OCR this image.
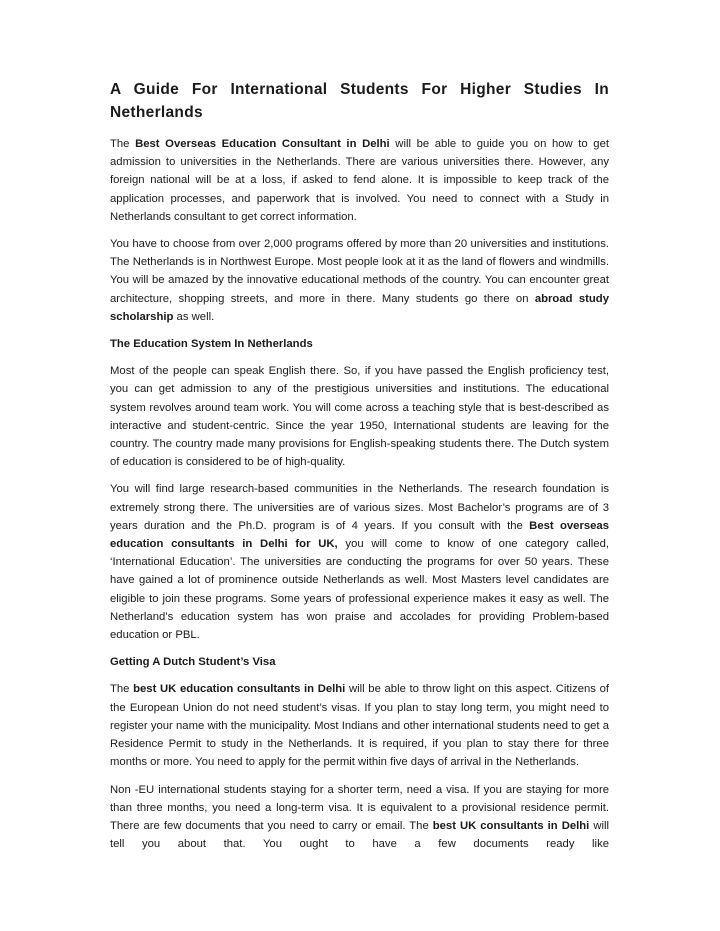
A Guide For International Students For Higher Studies In Netherlands

The Best Overseas Education Consultant in Delhi will be able to guide you on how to get admission to universities in the Netherlands. There are various universities there. However, any foreign national will be at a loss, if asked to fend alone. It is impossible to keep track of the application processes, and paperwork that is involved. You need to connect with a Study in Netherlands consultant to get correct information.

You have to choose from over 2,000 programs offered by more than 20 universities and institutions. The Netherlands is in Northwest Europe. Most people look at it as the land of flowers and windmills. You will be amazed by the innovative educational methods of the country. You can encounter great architecture, shopping streets, and more in there. Many students go there on abroad study scholarship as well.

The Education System In Netherlands

Most of the people can speak English there. So, if you have passed the English proficiency test, you can get admission to any of the prestigious universities and institutions. The educational system revolves around team work. You will come across a teaching style that is best-described as interactive and student-centric. Since the year 1950, International students are leaving for the country. The country made many provisions for English-speaking students there. The Dutch system of education is considered to be of high-quality.

You will find large research-based communities in the Netherlands. The research foundation is extremely strong there. The universities are of various sizes. Most Bachelor’s programs are of 3 years duration and the Ph.D. program is of 4 years. If you consult with the Best overseas education consultants in Delhi for UK, you will come to know of one category called, ‘International Education’. The universities are conducting the programs for over 50 years. These have gained a lot of prominence outside Netherlands as well. Most Masters level candidates are eligible to join these programs. Some years of professional experience makes it easy as well. The Netherland’s education system has won praise and accolades for providing Problem-based education or PBL.

Getting A Dutch Student’s Visa

The best UK education consultants in Delhi will be able to throw light on this aspect. Citizens of the European Union do not need student’s visas. If you plan to stay long term, you might need to register your name with the municipality. Most Indians and other international students need to get a Residence Permit to study in the Netherlands. It is required, if you plan to stay there for three months or more. You need to apply for the permit within five days of arrival in the Netherlands.

Non -EU international students staying for a shorter term, need a visa. If you are staying for more than three months, you need a long-term visa. It is equivalent to a provisional residence permit. There are few documents that you need to carry or email. The best UK consultants in Delhi will tell you about that. You ought to have a few documents ready like
